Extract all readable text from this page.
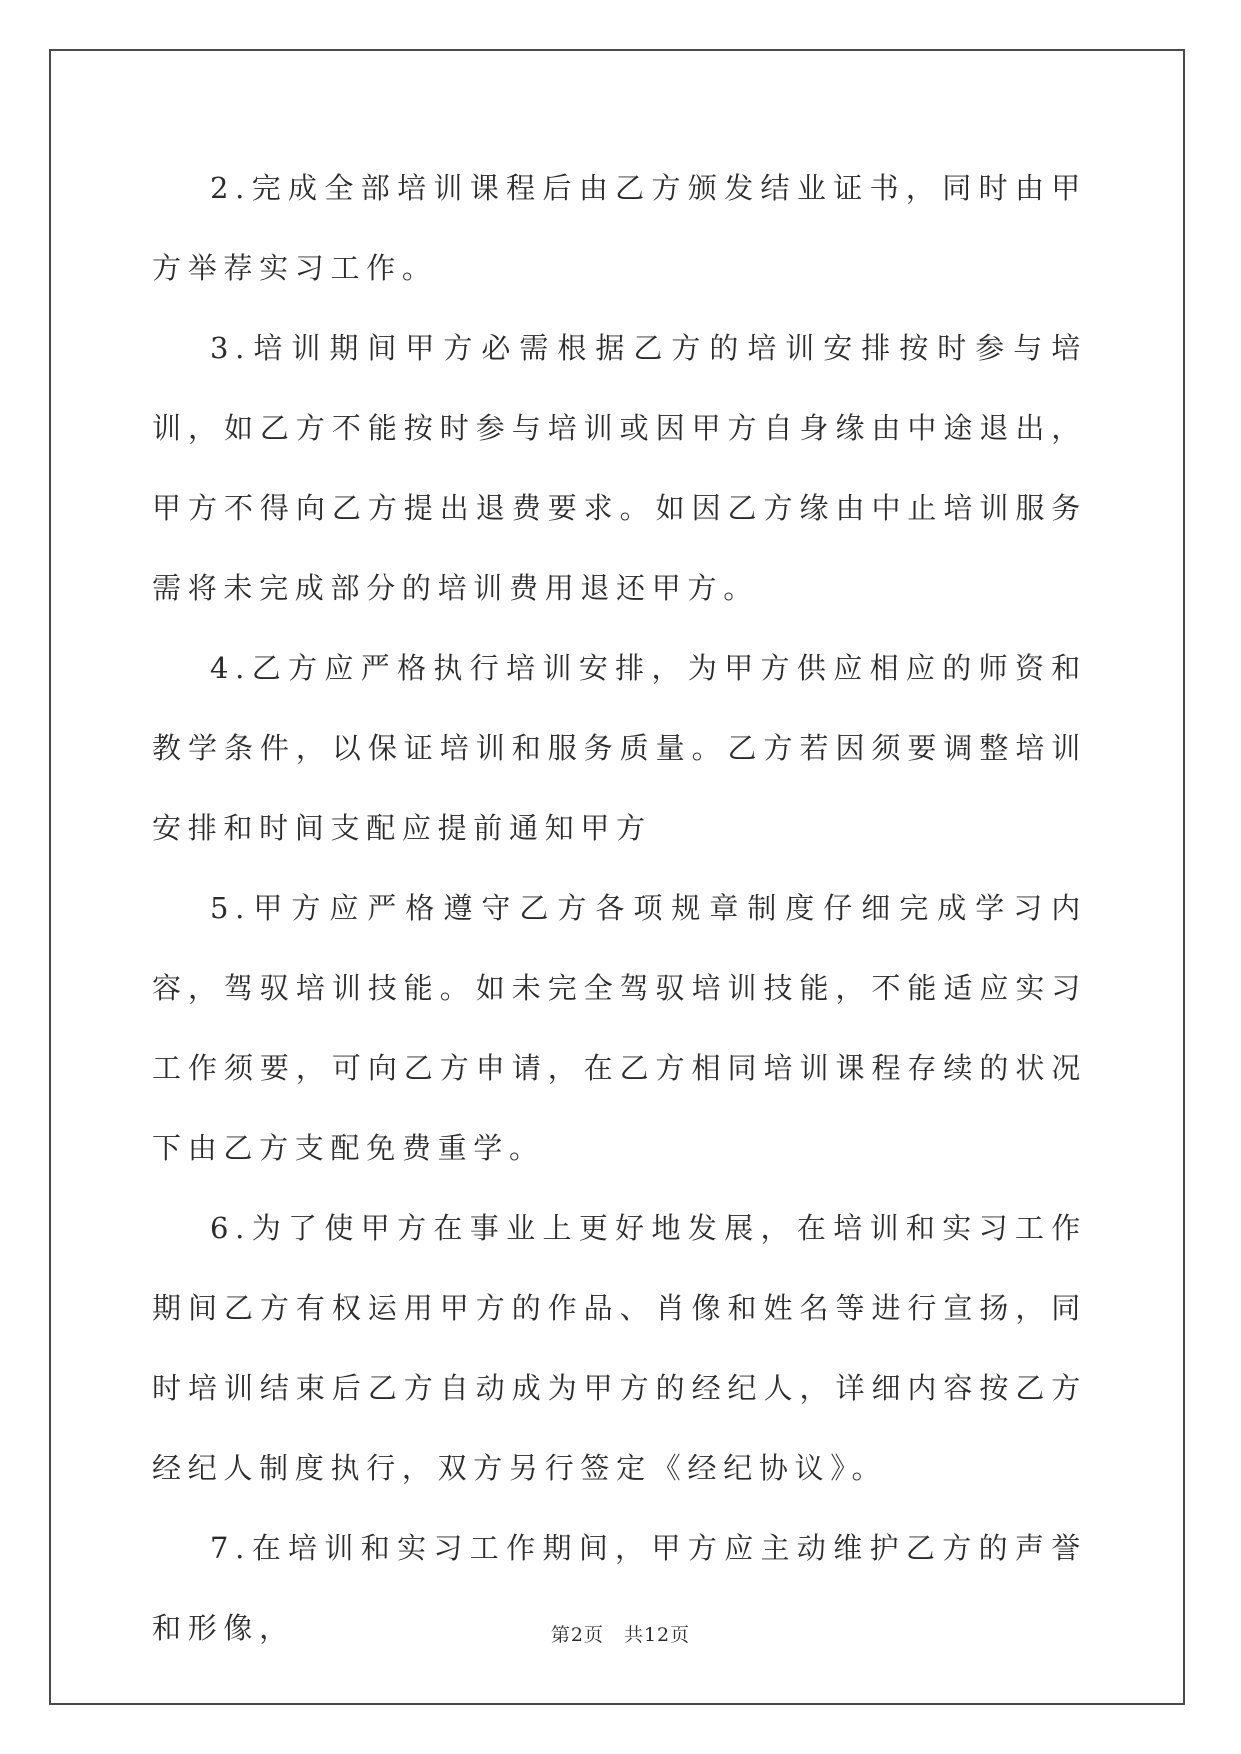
2.完成全部培训课程后由乙方颁发结业证书，同时由甲方举荐实习工作。

3.培训期间甲方必需根据乙方的培训安排按时参与培训，如乙方不能按时参与培训或因甲方自身缘由中途退出，甲方不得向乙方提出退费要求。如因乙方缘由中止培训服务需将未完成部分的培训费用退还甲方。

4.乙方应严格执行培训安排，为甲方供应相应的师资和教学条件，以保证培训和服务质量。乙方若因须要调整培训安排和时间支配应提前通知甲方

5.甲方应严格遵守乙方各项规章制度仔细完成学习内容，驾驭培训技能。如未完全驾驭培训技能，不能适应实习工作须要，可向乙方申请，在乙方相同培训课程存续的状况下由乙方支配免费重学。

6.为了使甲方在事业上更好地发展，在培训和实习工作期间乙方有权运用甲方的作品、肖像和姓名等进行宣扬，同时培训结束后乙方自动成为甲方的经纪人，详细内容按乙方经纪人制度执行，双方另行签定《经纪协议》。

7.在培训和实习工作期间，甲方应主动维护乙方的声誉和形像，	第2页　共12页
